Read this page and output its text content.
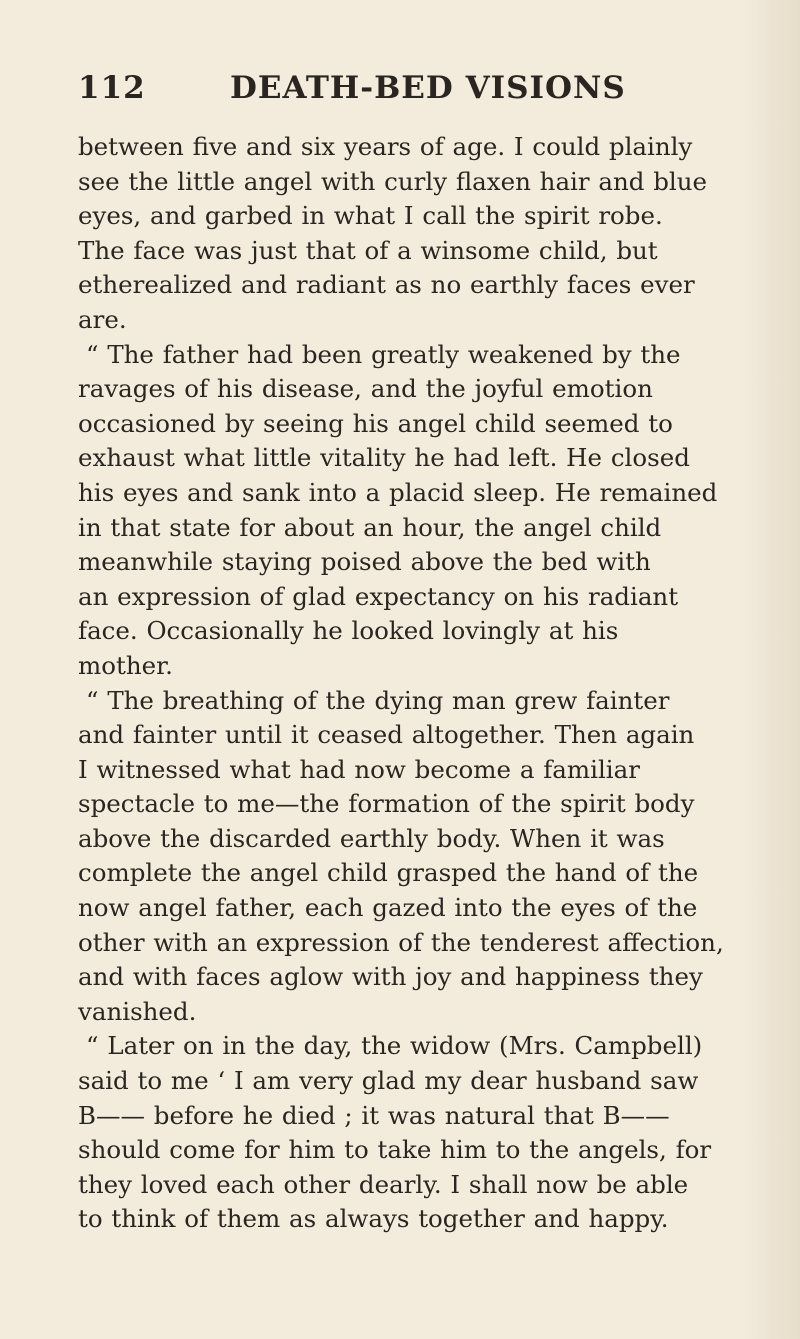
112	DEATH-BED VISIONS
between five and six years of age. I could plainly
see the little angel with curly flaxen hair and blue
eyes, and garbed in what I call the spirit robe.
The face was just that of a winsome child, but
etherealized and radiant as no earthly faces ever
are.
“ The father had been greatly weakened by the
ravages of his disease, and the joyful emotion
occasioned by seeing his angel child seemed to
exhaust what little vitality he had left. He closed
his eyes and sank into a placid sleep. He remained
in that state for about an hour, the angel child
meanwhile staying poised above the bed with
an expression of glad expectancy on his radiant
face. Occasionally he looked lovingly at his
mother.
“ The breathing of the dying man grew fainter
and fainter until it ceased altogether. Then again
I witnessed what had now become a familiar
spectacle to me—the formation of the spirit body
above the discarded earthly body. When it was
complete the angel child grasped the hand of the
now angel father, each gazed into the eyes of the
other with an expression of the tenderest affection,
and with faces aglow with joy and happiness they
vanished.
“ Later on in the day, the widow (Mrs. Campbell)
said to me ‘ I am very glad my dear husband saw
B—— before he died ; it was natural that B——
should come for him to take him to the angels, for
they loved each other dearly. I shall now be able
to think of them as always together and happy.
